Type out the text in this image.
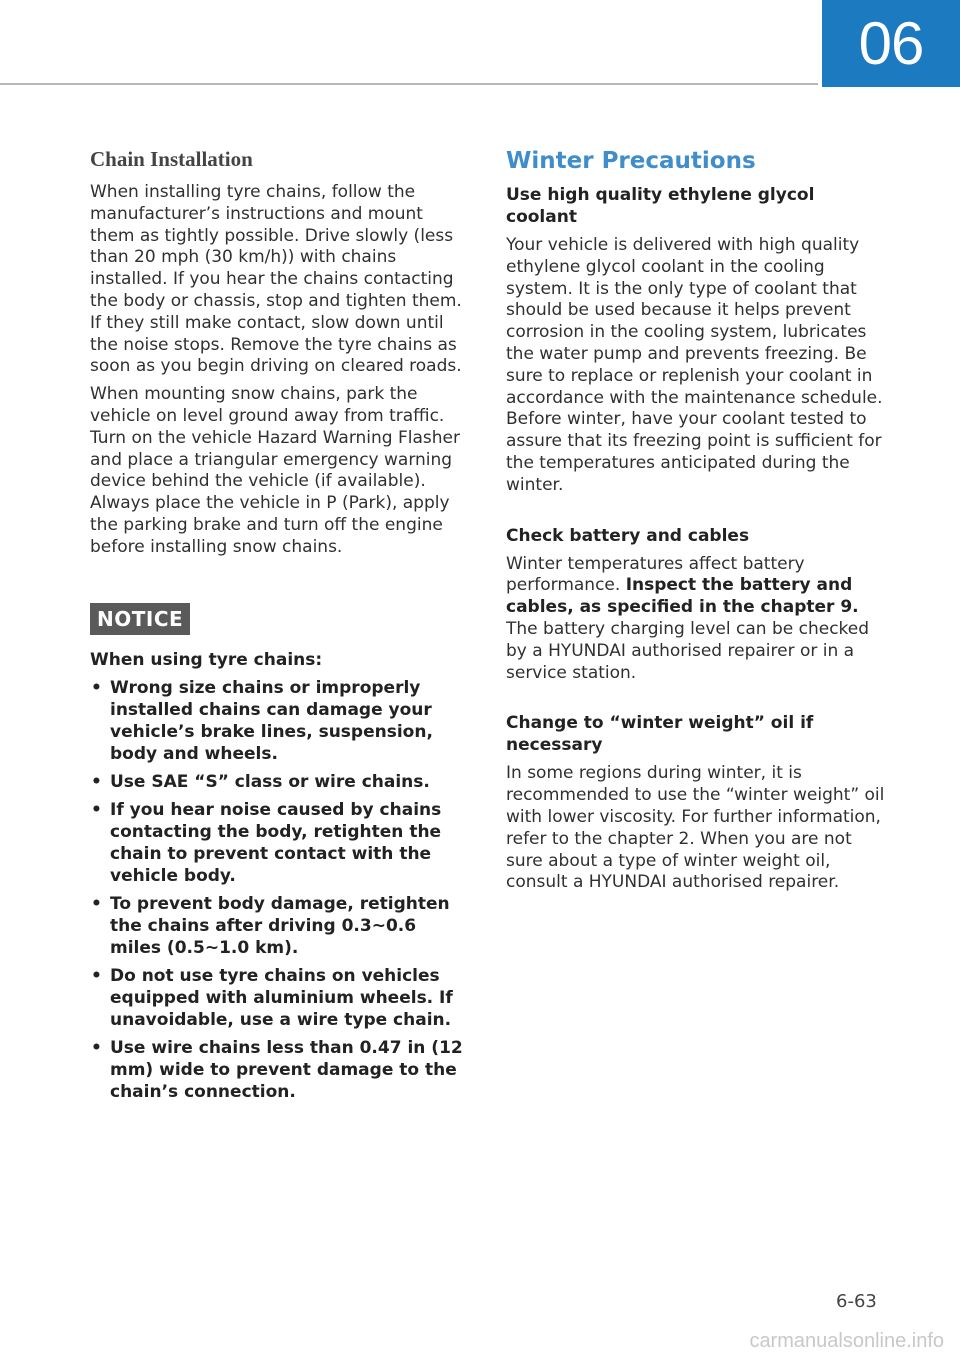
06
Chain Installation

When installing tyre chains, follow the manufacturer’s instructions and mount them as tightly possible. Drive slowly (less than 20 mph (30 km/h)) with chains installed. If you hear the chains contacting the body or chassis, stop and tighten them. If they still make contact, slow down until the noise stops. Remove the tyre chains as soon as you begin driving on cleared roads.

When mounting snow chains, park the vehicle on level ground away from traffic. Turn on the vehicle Hazard Warning Flasher and place a triangular emergency warning device behind the vehicle (if available). Always place the vehicle in P (Park), apply the parking brake and turn off the engine before installing snow chains.

NOTICE

When using tyre chains:

• Wrong size chains or improperly installed chains can damage your vehicle’s brake lines, suspension, body and wheels.
• Use SAE “S” class or wire chains.
• If you hear noise caused by chains contacting the body, retighten the chain to prevent contact with the vehicle body.
• To prevent body damage, retighten the chains after driving 0.3~0.6 miles (0.5~1.0 km).
• Do not use tyre chains on vehicles equipped with aluminium wheels. If unavoidable, use a wire type chain.
• Use wire chains less than 0.47 in (12 mm) wide to prevent damage to the chain’s connection.
Winter Precautions
Use high quality ethylene glycol coolant

Your vehicle is delivered with high quality ethylene glycol coolant in the cooling system. It is the only type of coolant that should be used because it helps prevent corrosion in the cooling system, lubricates the water pump and prevents freezing. Be sure to replace or replenish your coolant in accordance with the maintenance schedule. Before winter, have your coolant tested to assure that its freezing point is sufficient for the temperatures anticipated during the winter.

Check battery and cables

Winter temperatures affect battery performance. Inspect the battery and cables, as specified in the chapter 9. The battery charging level can be checked by a HYUNDAI authorised repairer or in a service station.

Change to “winter weight” oil if necessary

In some regions during winter, it is recommended to use the “winter weight” oil with lower viscosity. For further information, refer to the chapter 2. When you are not sure about a type of winter weight oil, consult a HYUNDAI authorised repairer.

6-63
carmanualsonline.info
